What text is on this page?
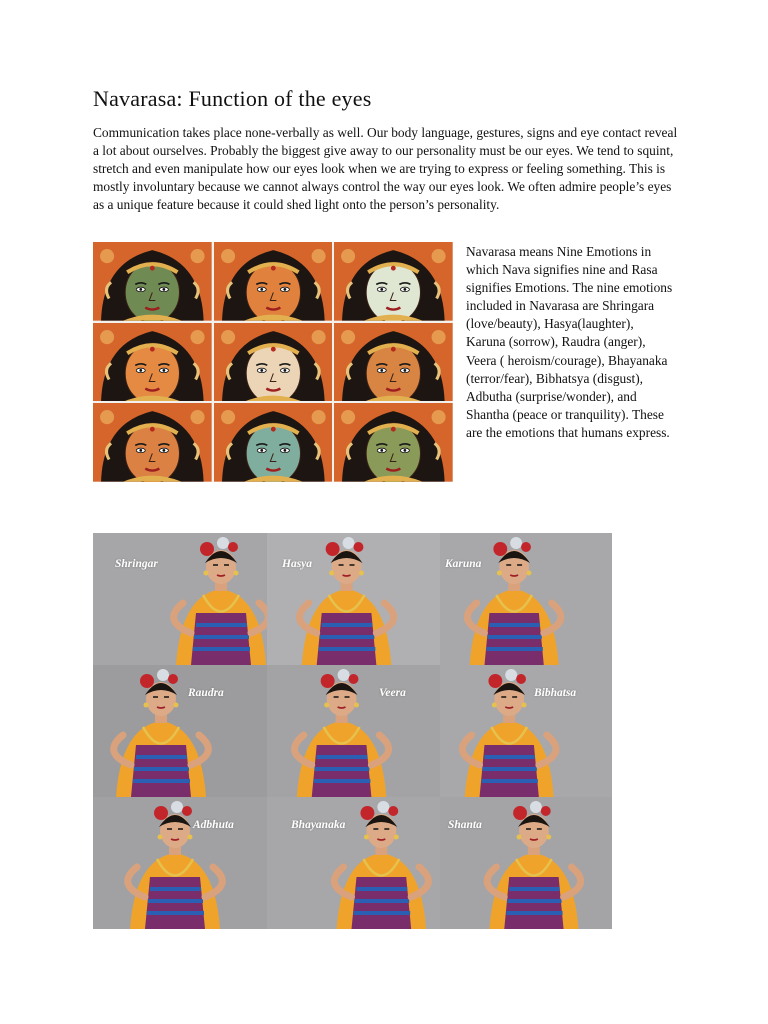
Navarasa: Function of the eyes

Communication takes place none-verbally as well. Our body language, gestures, signs and eye contact reveal a lot about ourselves. Probably the biggest give away to our personality must be our eyes. We tend to squint, stretch and even manipulate how our eyes look when we are trying to express or feeling something. This is mostly involuntary because we cannot always control the way our eyes look. We often admire people’s eyes as a unique feature because it could shed light onto the person’s personality.

Navarasa means Nine Emotions in which Nava signifies nine and Rasa signifies Emotions. The nine emotions included in Navarasa are Shringara (love/beauty), Hasya(laughter), Karuna (sorrow), Raudra (anger), Veera ( heroism/courage), Bhayanaka (terror/fear), Bibhatsya (disgust), Adbutha (surprise/wonder), and Shantha (peace or tranquility). These are the emotions that humans express.

Shringar	Hasya	Karuna
Raudra	Veera	Bibhatsa
Adbhuta	Bhayanaka	Shanta
